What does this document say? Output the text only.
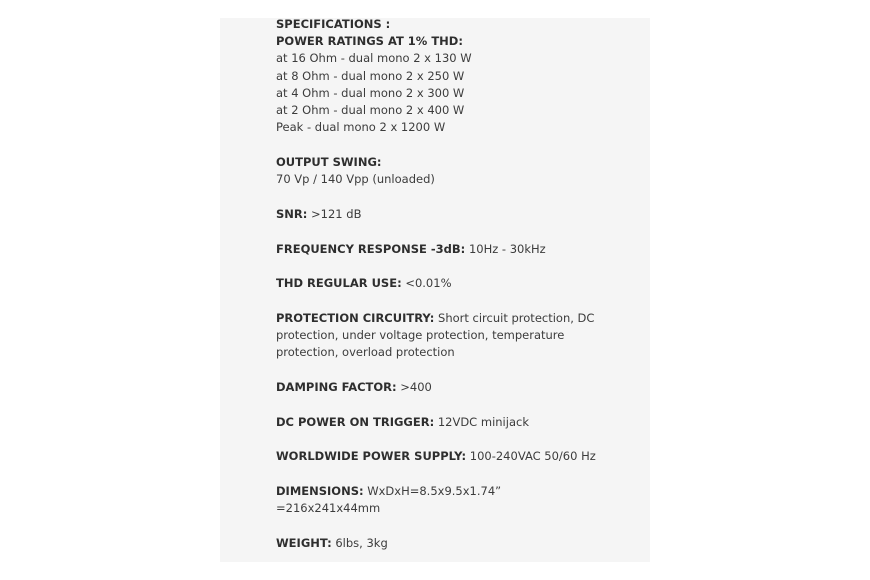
SPECIFICATIONS :
POWER RATINGS AT 1% THD:
at 16 Ohm - dual mono 2 x 130 W
at 8 Ohm - dual mono 2 x 250 W
at 4 Ohm - dual mono 2 x 300 W
at 2 Ohm - dual mono 2 x 400 W
Peak - dual mono 2 x 1200 W
OUTPUT SWING:
70 Vp / 140 Vpp (unloaded)
SNR: >121 dB
FREQUENCY RESPONSE -3dB: 10Hz - 30kHz
THD REGULAR USE: <0.01%
PROTECTION CIRCUITRY: Short circuit protection, DC
protection, under voltage protection, temperature
protection, overload protection
DAMPING FACTOR: >400
DC POWER ON TRIGGER: 12VDC minijack
WORLDWIDE POWER SUPPLY: 100-240VAC 50/60 Hz
DIMENSIONS: WxDxH=8.5x9.5x1.74”
=216x241x44mm
WEIGHT: 6lbs, 3kg
